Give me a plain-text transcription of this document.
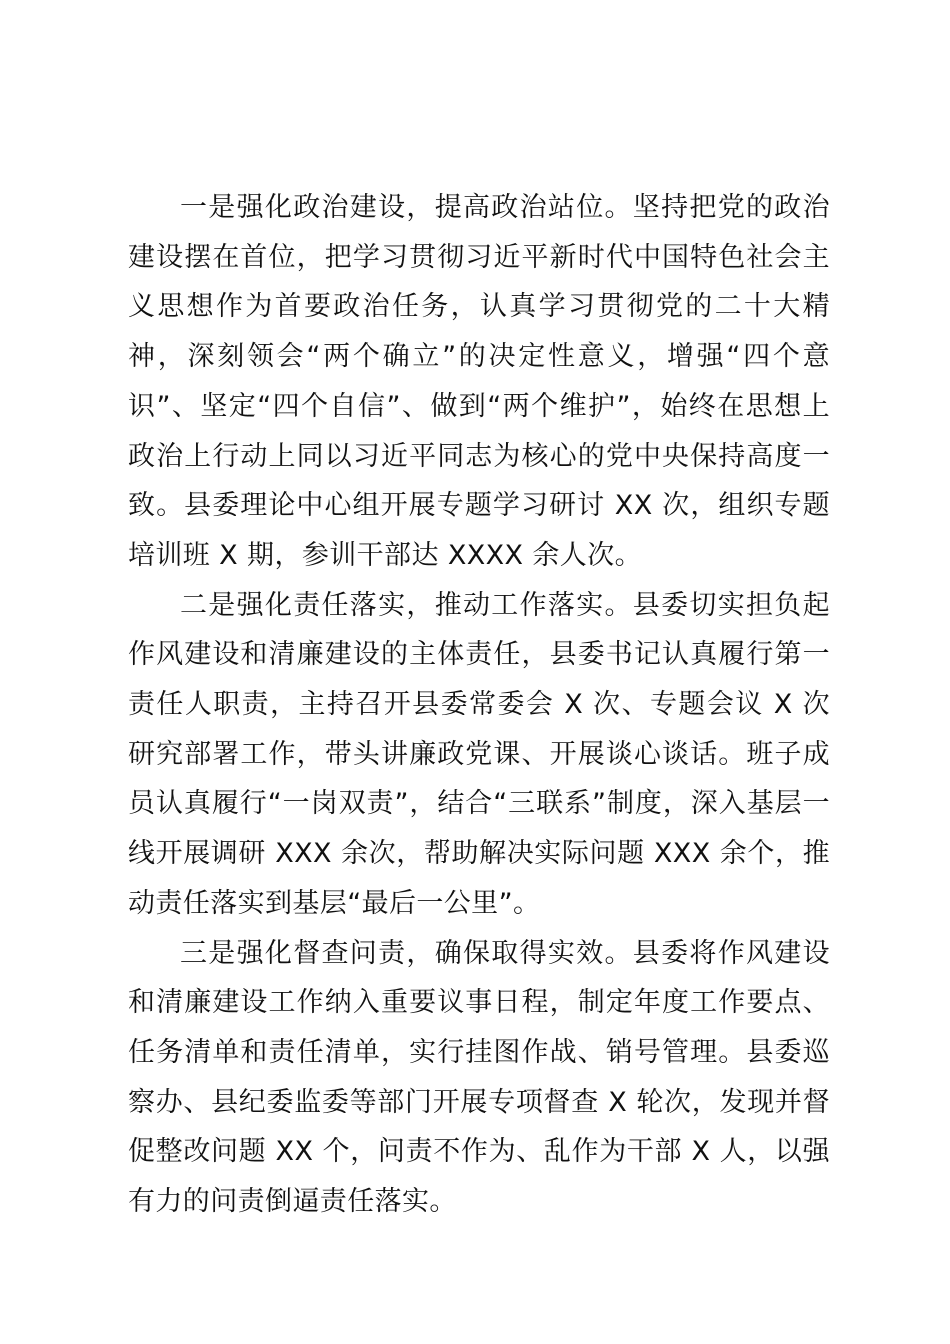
一是强化政治建设，提高政治站位。坚持把党的政治建设摆在首位，把学习贯彻习近平新时代中国特色社会主义思想作为首要政治任务，认真学习贯彻党的二十大精神，深刻领会“两个确立”的决定性意义，增强“四个意识”、坚定“四个自信”、做到“两个维护”，始终在思想上政治上行动上同以习近平同志为核心的党中央保持高度一致。县委理论中心组开展专题学习研讨 XX 次，组织专题培训班 X 期，参训干部达 XXXX 余人次。

二是强化责任落实，推动工作落实。县委切实担负起作风建设和清廉建设的主体责任，县委书记认真履行第一责任人职责，主持召开县委常委会 X 次、专题会议 X 次研究部署工作，带头讲廉政党课、开展谈心谈话。班子成员认真履行“一岗双责”，结合“三联系”制度，深入基层一线开展调研 XXX 余次，帮助解决实际问题 XXX 余个，推动责任落实到基层“最后一公里”。

三是强化督查问责，确保取得实效。县委将作风建设和清廉建设工作纳入重要议事日程，制定年度工作要点、任务清单和责任清单，实行挂图作战、销号管理。县委巡察办、县纪委监委等部门开展专项督查 X 轮次，发现并督促整改问题 XX 个，问责不作为、乱作为干部 X 人，以强有力的问责倒逼责任落实。
